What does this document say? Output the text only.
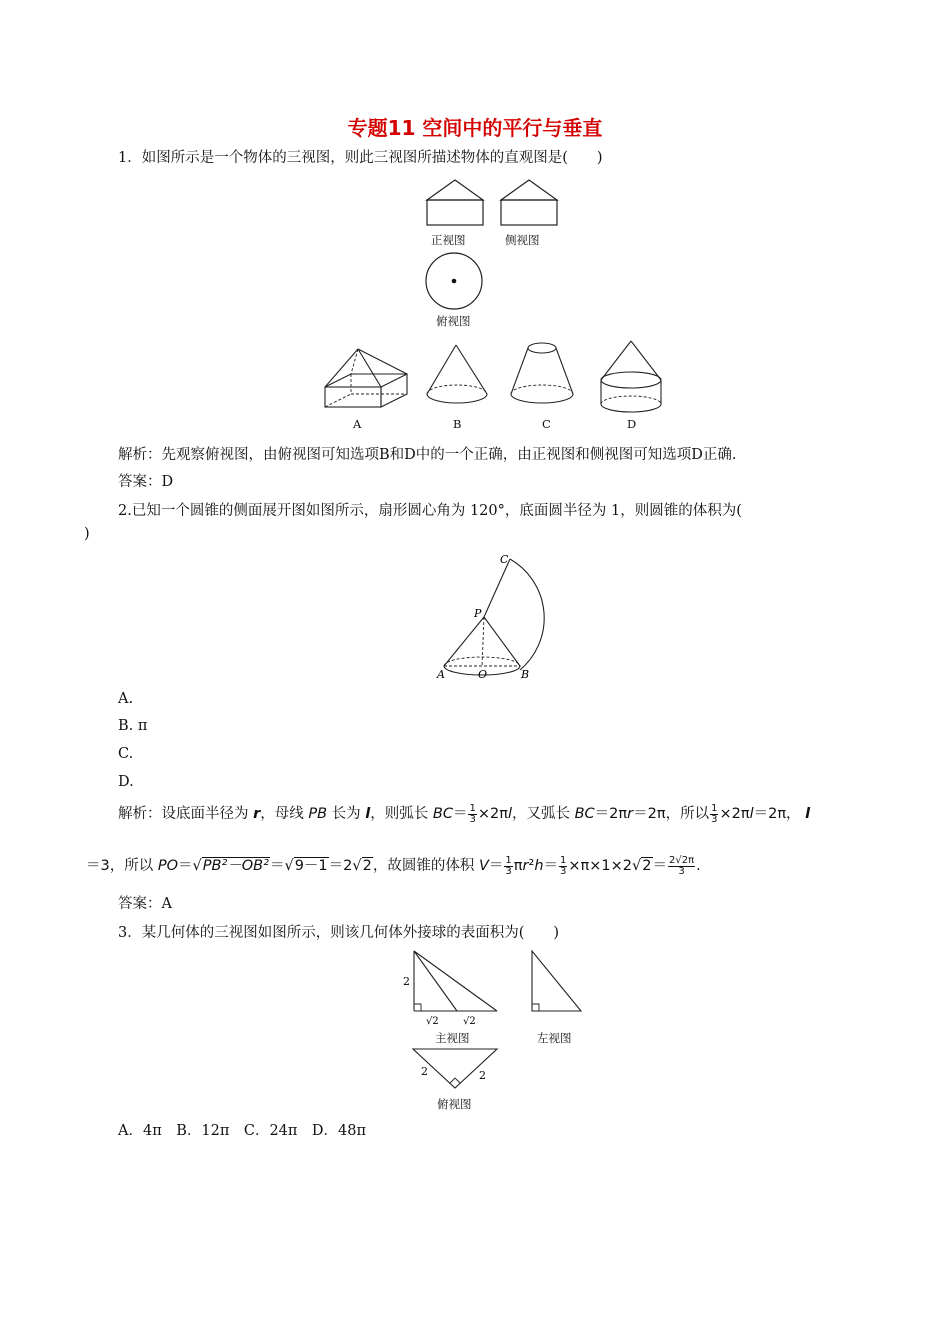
专题11 空间中的平行与垂直
1．如图所示是一个物体的三视图，则此三视图所描述物体的直观图是(　　)
正视图	侧视图
俯视图
A	B	C	D
解析：先观察俯视图，由俯视图可知选项B和D中的一个正确，由正视图和侧视图可知选项D正确.
答案：D
2.已知一个圆锥的侧面展开图如图所示，扇形圆心角为 120°，底面圆半径为 1，则圆锥的体积为(
)
C
P
A	O	B
A.
B. π
C.
D.
解析：设底面半径为 r，母线 PB 长为 l，则弧长 $BC= \frac{1}{3} \times 2\pi l$，又弧长 BC＝2πr＝2π，所以 $\frac{1}{3} \times 2\pi l=2\pi$， l
＝3，所以 PO＝√PB²－OB²＝√9－1＝2√2，故圆锥的体积 $V= \frac{1}{3} \pi r^2h= \frac{1}{3} \times\pi\times 1\times 2√2= \frac{2√2\pi}{3}$ .
答案：A
3．某几何体的三视图如图所示，则该几何体外接球的表面积为(　　)
2
√2 √2
主视图	左视图
2	2
俯视图
A．4π　B．12π　C．24π　D．48π
